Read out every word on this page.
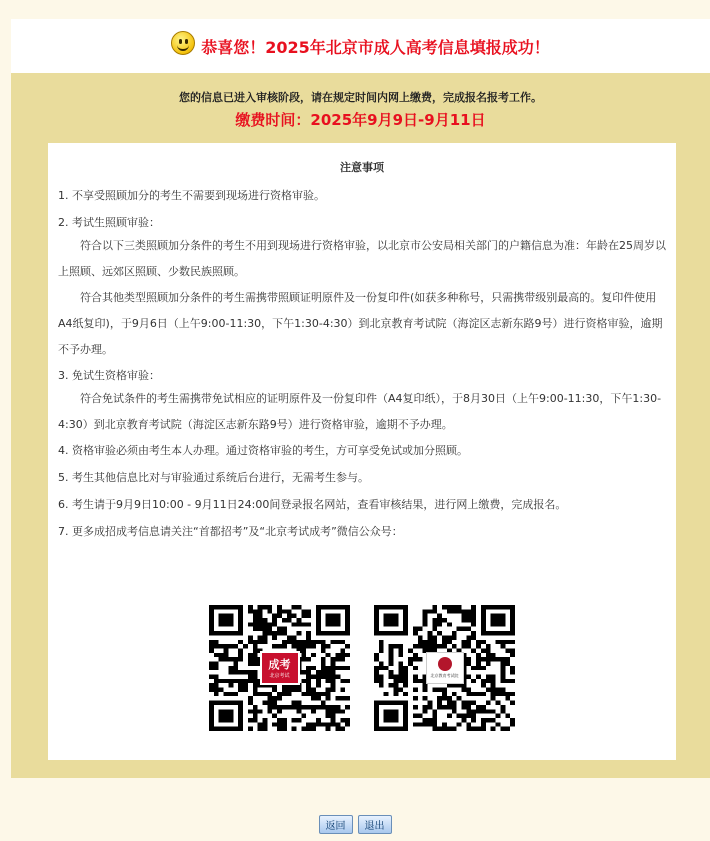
恭喜您！2025年北京市成人高考信息填报成功！
您的信息已进入审核阶段，请在规定时间内网上缴费，完成报名报考工作。
缴费时间：2025年9月9日-9月11日
注意事项

1. 不享受照顾加分的考生不需要到现场进行资格审验。

2. 考试生照顾审验：

符合以下三类照顾加分条件的考生不用到现场进行资格审验，以北京市公安局相关部门的户籍信息为准：年龄在25周岁以上照顾、远郊区照顾、少数民族照顾。

符合其他类型照顾加分条件的考生需携带照顾证明原件及一份复印件(如获多种称号，只需携带级别最高的。复印件使用A4纸复印)，于9月6日（上午9:00-11:30，下午1:30-4:30）到北京教育考试院（海淀区志新东路9号）进行资格审验，逾期不予办理。

3. 免试生资格审验：

符合免试条件的考生需携带免试相应的证明原件及一份复印件（A4复印纸），于8月30日（上午9:00-11:30，下午1:30-4:30）到北京教育考试院（海淀区志新东路9号）进行资格审验，逾期不予办理。

4. 资格审验必须由考生本人办理。通过资格审验的考生，方可享受免试或加分照顾。

5. 考生其他信息比对与审验通过系统后台进行，无需考生参与。

6. 考生请于9月9日10:00 - 9月11日24:00间登录报名网站，查看审核结果，进行网上缴费，完成报名。

7. 更多成招成考信息请关注“首都招考”及“北京考试成考”微信公众号：

成考
北京考试	北京教育考试院
返回	退出
